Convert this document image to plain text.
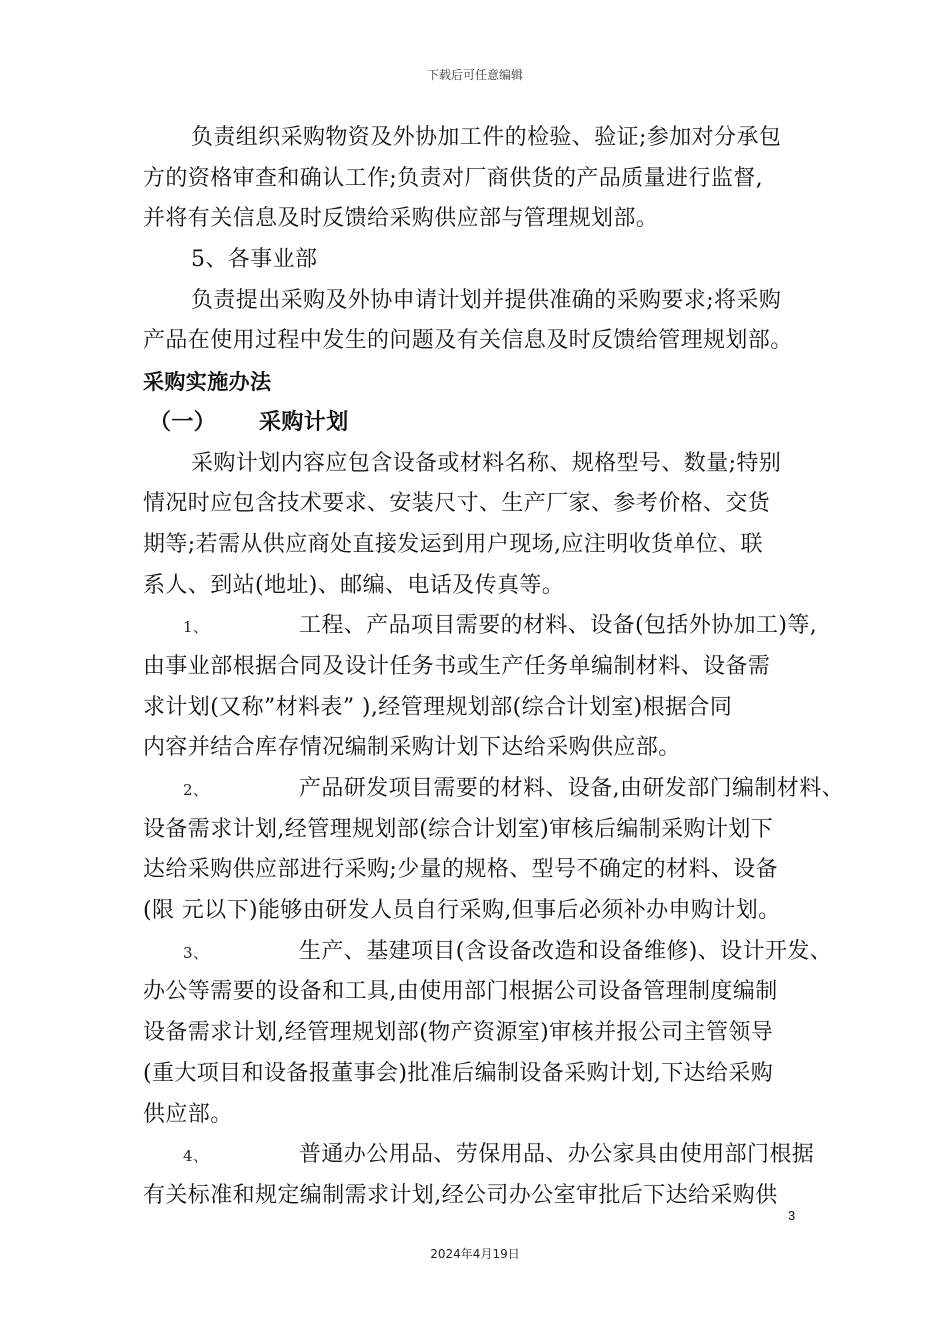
下载后可任意编辑
负责组织采购物资及外协加工件的检验、验证;参加对分承包
方的资格审查和确认工作;负责对厂商供货的产品质量进行监督,
并将有关信息及时反馈给采购供应部与管理规划部。
5、各事业部
负责提出采购及外协申请计划并提供准确的采购要求;将采购
产品在使用过程中发生的问题及有关信息及时反馈给管理规划部。
采购实施办法
（一） 采购计划
采购计划内容应包含设备或材料名称、规格型号、数量;特别
情况时应包含技术要求、安装尺寸、生产厂家、参考价格、交货
期等;若需从供应商处直接发运到用户现场,应注明收货单位、联
系人、到站(地址)、邮编、电话及传真等。
1、	工程、产品项目需要的材料、设备(包括外协加工)等,
由事业部根据合同及设计任务书或生产任务单编制材料、设备需
求计划(又称”材料表” ),经管理规划部(综合计划室)根据合同
内容并结合库存情况编制采购计划下达给采购供应部。
2、	产品研发项目需要的材料、设备,由研发部门编制材料、
设备需求计划,经管理规划部(综合计划室)审核后编制采购计划下
达给采购供应部进行采购;少量的规格、型号不确定的材料、设备
(限 元以下)能够由研发人员自行采购,但事后必须补办申购计划。
3、	生产、基建项目(含设备改造和设备维修)、设计开发、
办公等需要的设备和工具,由使用部门根据公司设备管理制度编制
设备需求计划,经管理规划部(物产资源室)审核并报公司主管领导
(重大项目和设备报董事会)批准后编制设备采购计划,下达给采购
供应部。
4、	普通办公用品、劳保用品、办公家具由使用部门根据
有关标准和规定编制需求计划,经公司办公室审批后下达给采购供
3
2024年4月19日
